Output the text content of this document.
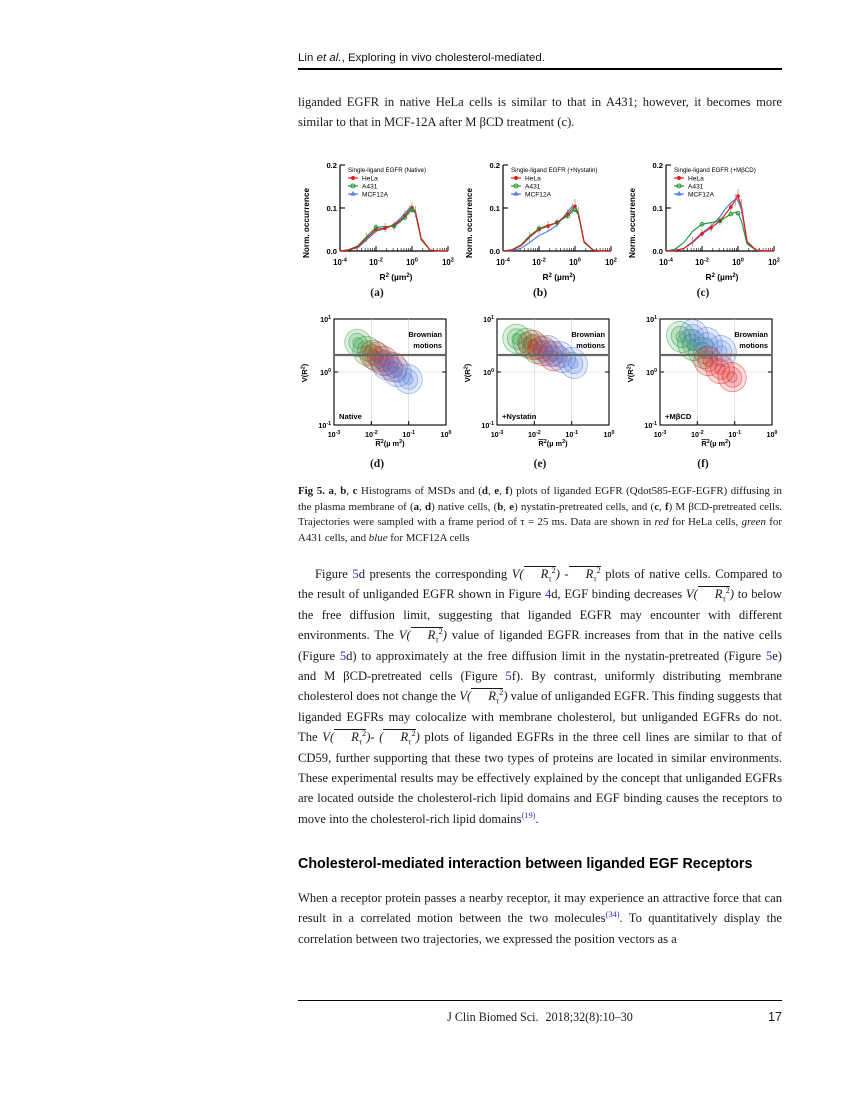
Lin et al., Exploring in vivo cholesterol-mediated.

liganded EGFR in native HeLa cells is similar to that in A431; however, it becomes more similar to that in MCF-12A after M βCD treatment (c).

Norm. occurrence 0.0
0.1
0.2
$10^{-4}$	$10^{-2}$	$10^0$	$10^2$
$R^2$ (µm$^2$)
Single-ligand EGFR (Native)
HeLa
A431
MCF12A
(a)
Norm. occurrence 0.0
0.1
0.2
$10^{-4}$	$10^{-2}$	$10^0$	$10^2$
$R^2$ (µm$^2$)
Single-ligand EGFR (+Nystatin)
HeLa
A431
MCF12A
(b)
Norm. occurrence 0.0
0.1
0.2
$10^{-4}$	$10^{-2}$	$10^0$	$10^2$
$R^2$ (µm$^2$)
Single-ligand EGFR (+MβCD)
HeLa
A431
MCF12A
(c)
$V(R^2)$
Brownian
motions
Native
$10^{-1}$
$10^0$
$10^1$
$10^{-3}$	$10^{-2}$	$10^{-1}$	$10^0$
$R^2(\mu$ $m^2$)
(d)
$V(R^2)$
Brownian
motions
+Nystatin
$10^{-1}$
$10^0$
$10^1$
$10^{-3}$	$10^{-2}$	$10^{-1}$	$10^0$
$R^2(\mu$ $m^2$)
(e)
$V(R^2)$
Brownian
motions
+MβCD
$10^{-1}$
$10^0$
$10^1$
$10^{-3}$	$10^{-2}$	$10^{-1}$	$10^0$
$R^2(\mu$ $m^2$)
(f)
Fig 5. a, b, c Histograms of MSDs and (d, e, f) plots of liganded EGFR (Qdot585-EGF-EGFR) diffusing in the plasma membrane of (a, d) native cells, (b, e) nystatin-pretreated cells, and (c, f) M βCD-pretreated cells. Trajectories were sampled with a frame period of τ = 25 ms. Data are shown in red for HeLa cells, green for A431 cells, and blue for MCF12A cells

Figure 5d presents the corresponding V( $R_\tau^2) - R_\tau^2$ plots of native cells. Compared to the result of unliganded EGFR shown in Figure 4d, EGF binding decreases V( $R_\tau^2$) to below the free diffusion limit, suggesting that liganded EGFR may encounter with different environments. The V( $R_\tau^2$) value of liganded EGFR increases from that in the native cells (Figure 5d) to approximately at the free diffusion limit in the nystatin-pretreated (Figure 5e) and M βCD-pretreated cells (Figure 5f). By contrast, uniformly distributing membrane cholesterol does not change the V( $R_\tau^2$) value of unliganded EGFR. This finding suggests that liganded EGFRs may colocalize with membrane cholesterol, but unliganded EGFRs do not. The V( $R_\tau^2)-$ ( $R_\tau^2$) plots of liganded EGFRs in the three cell lines are similar to that of CD59, further supporting that these two types of proteins are located in similar environments. These experimental results may be effectively explained by the concept that unliganded EGFRs are located outside the cholesterol-rich lipid domains and EGF binding causes the receptors to move into the cholesterol-rich lipid domains$^{(19)}$.

Cholesterol-mediated interaction between liganded EGF Receptors

When a receptor protein passes a nearby receptor, it may experience an attractive force that can result in a correlated motion between the two molecules$^{(34)}$. To quantitatively display the correlation between two trajectories, we expressed the position vectors as a

J Clin Biomed Sci. 2018;32(8):10–30	17
